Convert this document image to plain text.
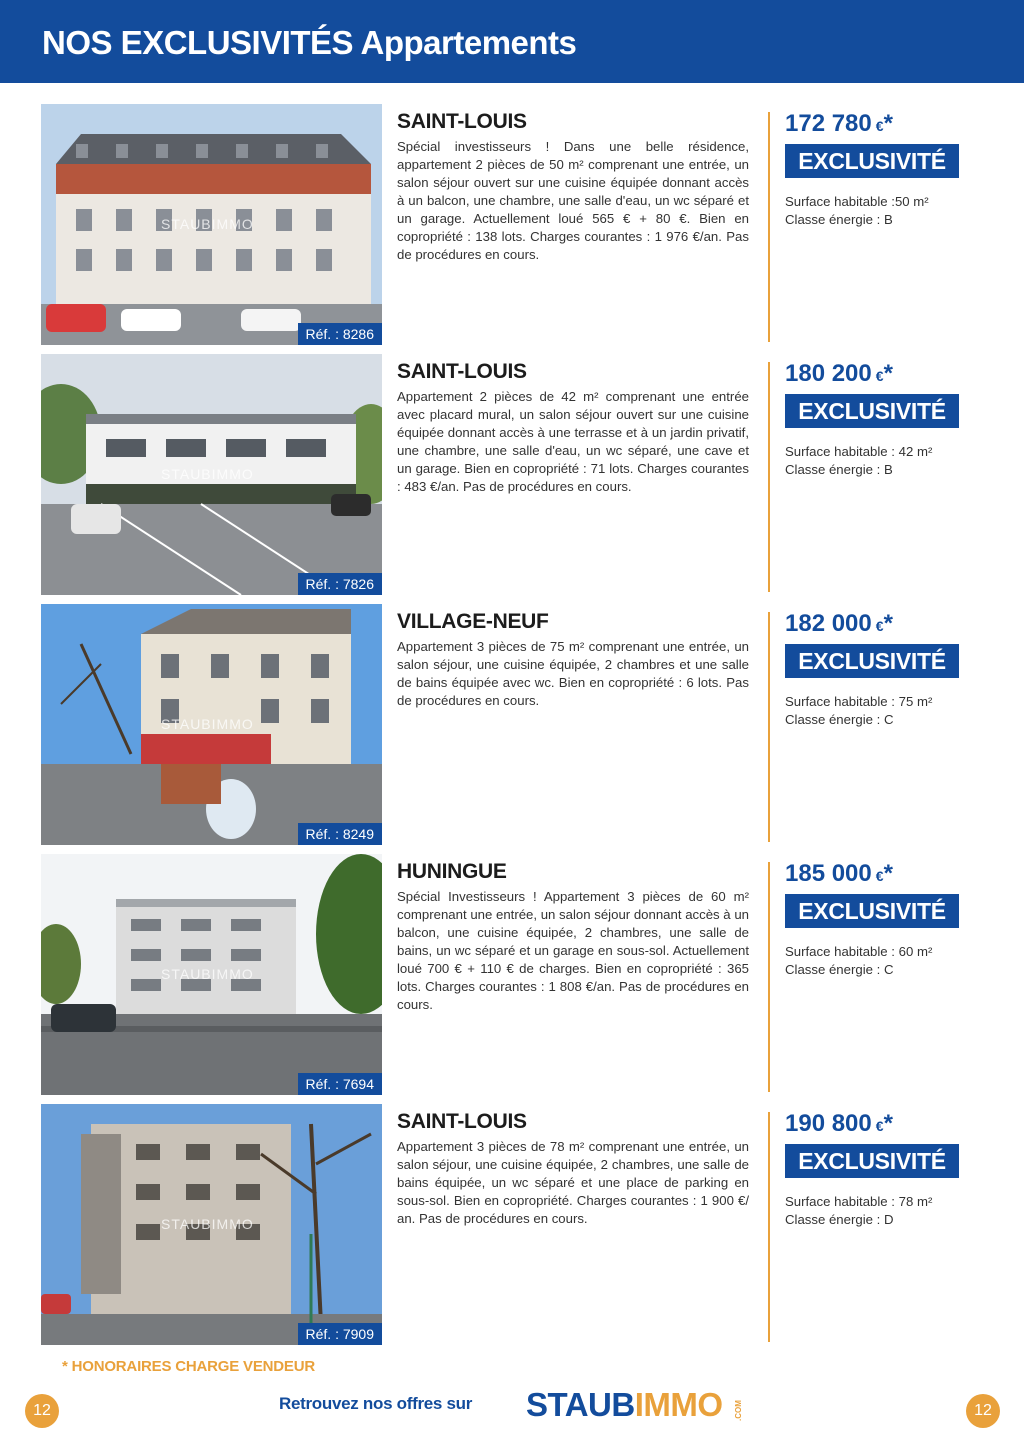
NOS EXCLUSIVITÉS Appartements
STAUBIMMO
Réf. : 8286
SAINT-LOUIS
Spécial investisseurs ! Dans une belle résidence, appartement 2 pièces de 50 m² comprenant une entrée, un salon séjour ouvert sur une cuisine équipée donnant accès à un balcon, une chambre, une salle d'eau, un wc séparé et un garage. Actuellement loué 565 € + 80 €. Bien en copropriété : 138 lots. Charges courantes : 1 976 €/an. Pas de procédures en cours.
172 780 €*
EXCLUSIVITÉ
Surface habitable :50 m²
Classe énergie : B
STAUBIMMO
Réf. : 7826
SAINT-LOUIS
Appartement 2 pièces de 42 m² comprenant une entrée avec placard mural, un salon séjour ouvert sur une cuisine équipée donnant accès à une terrasse et à un jardin privatif, une chambre, une salle d'eau, un wc séparé, une cave et un garage. Bien en copropriété : 71 lots. Charges courantes : 483 €/an. Pas de procédures en cours.
180 200 €*
EXCLUSIVITÉ
Surface habitable : 42 m²
Classe énergie : B
STAUBIMMO
Réf. : 8249
VILLAGE-NEUF
Appartement 3 pièces de 75 m² comprenant une entrée, un salon séjour, une cuisine équipée, 2 chambres et une salle de bains équipée avec wc. Bien en copropriété : 6 lots. Pas de procédures en cours.
182 000 €*
EXCLUSIVITÉ
Surface habitable : 75 m²
Classe énergie : C
STAUBIMMO
Réf. : 7694
HUNINGUE
Spécial Investisseurs ! Appartement 3 pièces de 60 m² comprenant une entrée, un salon séjour donnant accès à un balcon, une cuisine équipée, 2 chambres, une salle de bains, un wc séparé et un garage en sous-sol. Actuellement loué 700 € + 110 € de charges. Bien en copropriété : 365 lots. Charges courantes : 1 808 €/an. Pas de procédures en cours.
185 000 €*
EXCLUSIVITÉ
Surface habitable : 60 m²
Classe énergie : C
STAUBIMMO
Réf. : 7909
SAINT-LOUIS
Appartement 3 pièces de 78 m² comprenant une entrée, un salon séjour, une cuisine équipée, 2 chambres, une salle de bains équipée, un wc séparé et une place de parking en sous-sol. Bien en copropriété. Charges courantes : 1 900 €/ an. Pas de procédures en cours.
190 800 €*
EXCLUSIVITÉ
Surface habitable : 78 m²
Classe énergie : D
* HONORAIRES CHARGE VENDEUR
12	Retrouvez nos offres sur STAUBIMMO .COM	12
